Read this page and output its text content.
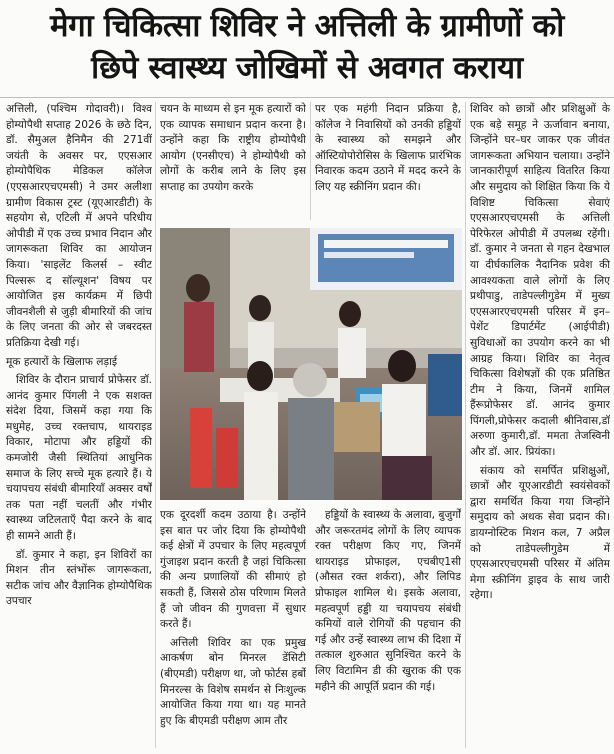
मेगा चिकित्सा शिविर ने अत्तिली के ग्रामीणों को
छिपे स्वास्थ्य जोखिमों से अवगत कराया

अत्तिली, (पश्चिम गोदावरी)। विश्व होम्योपैथी सप्ताह 2026 के छठे दिन, डॉ. सैमुअल हैनिमैन की 271वीं जयंती के अवसर पर, एएसआर होम्योपैथिक मेडिकल कॉलेज (एएसआरएचएमसी) ने उमर अलीशा ग्रामीण विकास ट्रस्ट (यूएआरडीटी) के सहयोग से, एटिली में अपने परिधीय ओपीडी में एक उच्च प्रभाव निदान और जागरूकता शिविर का आयोजन किया। 'साइलेंट किलर्स – स्वीट पिल्सरू द सॉल्यूशन' विषय पर आयोजित इस कार्यक्रम में छिपी जीवनशैली से जुड़ी बीमारियों की जांच के लिए जनता की ओर से जबरदस्त प्रतिक्रिया देखी गई।

मूक हत्यारों के खिलाफ लड़ाई

शिविर के दौरान प्राचार्य प्रोफेसर डॉ. आनंद कुमार पिंगली ने एक सशक्त संदेश दिया, जिसमें कहा गया कि मधुमेह, उच्च रक्तचाप, थायराइड विकार, मोटापा और हड्डियों की कमजोरी जैसी स्थितियां आधुनिक समाज के लिए सच्चे मूक हत्यारे हैं। ये चयापचय संबंधी बीमारियाँ अक्सर वर्षों तक पता नहीं चलतीं और गंभीर स्वास्थ्य जटिलताएँ पैदा करने के बाद ही सामने आती हैं।

डॉ. कुमार ने कहा, इन शिविरों का मिशन तीन स्तंभोंरू जागरूकता, सटीक जांच और वैज्ञानिक होम्योपैथिक उपचार

चयन के माध्यम से इन मूक हत्यारों को एक व्यापक समाधान प्रदान करना है। उन्होंने कहा कि राष्ट्रीय होम्योपैथी आयोग (एनसीएच) ने होम्योपैथी को लोगों के करीब लाने के लिए इस सप्ताह का उपयोग करके

पर एक महंगी निदान प्रक्रिया है, कॉलेज ने निवासियों को उनकी हड्डियों के स्वास्थ्य को समझने और ऑस्टियोपोरोसिस के खिलाफ प्रारंभिक निवारक कदम उठाने में मदद करने के लिए यह स्क्रीनिंग प्रदान की।

एक दूरदर्शी कदम उठाया है। उन्होंने इस बात पर जोर दिया कि होम्योपैथी कई क्षेत्रों में उपचार के लिए महत्वपूर्ण गुंजाइश प्रदान करती है जहां चिकित्सा की अन्य प्रणालियों की सीमाएं हो सकती हैं, जिससे ठोस परिणाम मिलते हैं जो जीवन की गुणवत्ता में सुधार करते हैं।

अत्तिली शिविर का एक प्रमुख आकर्षण बोन मिनरल डेंसिटी (बीएमडी) परीक्षण था, जो फोर्टस हर्बो मिनरल्स के विशेष समर्थन से निःशुल्क आयोजित किया गया था। यह मानते हुए कि बीएमडी परीक्षण आम तौर

हड्डियों के स्वास्थ्य के अलावा, बुजुर्गों और जरूरतमंद लोगों के लिए व्यापक रक्त परीक्षण किए गए, जिनमें थायराइड प्रोफाइल, एचबीए1सी (औसत रक्त शर्करा), और लिपिड प्रोफाइल शामिल थे। इसके अलावा, महत्वपूर्ण हड्डी या चयापचय संबंधी कमियों वाले रोगियों की पहचान की गई और उन्हें स्वास्थ्य लाभ की दिशा में तत्काल शुरुआत सुनिश्चित करने के लिए विटामिन डी की खुराक की एक महीने की आपूर्ति प्रदान की गई।

शिविर को छात्रों और प्रशिक्षुओं के एक बड़े समूह ने ऊर्जावान बनाया, जिन्होंने घर–घर जाकर एक जीवंत जागरूकता अभियान चलाया। उन्होंने जानकारीपूर्ण साहित्य वितरित किया और समुदाय को शिक्षित किया कि ये विशिष्ट चिकित्सा सेवाएं एएसआरएचएमसी के अत्तिली पेरिफेरल ओपीडी में उपलब्ध रहेंगी। डॉ. कुमार ने जनता से गहन देखभाल या दीर्घकालिक नैदानिक प्रवेश की आवश्यकता वाले लोगों के लिए प्रथीपाडु, ताडेपल्लीगुडेम में मुख्य एएसआरएचएमसी परिसर में इन–पेशेंट डिपार्टमेंट (आईपीडी) सुविधाओं का उपयोग करने का भी आग्रह किया। शिविर का नेतृत्व चिकित्सा विशेषज्ञों की एक प्रतिष्ठित टीम ने किया, जिनमें शामिल हैंरूप्रोफेसर डॉ. आनंद कुमार पिंगली,प्रोफेसर कदाली श्रीनिवास,डॉ अरुणा कुमारी,डॉ. ममता तेजस्विनी और डॉ. आर. प्रियंका।

संकाय को समर्पित प्रशिक्षुओं, छात्रों और यूएआरडीटी स्वयंसेवकों द्वारा समर्थित किया गया जिन्होंने समुदाय को अथक सेवा प्रदान की। डायग्नोस्टिक मिशन कल, 7 अप्रैल को ताडेपल्लीगुडेम में एएसआरएचएमसी परिसर में अंतिम मेगा स्क्रीनिंग ड्राइव के साथ जारी रहेगा।
